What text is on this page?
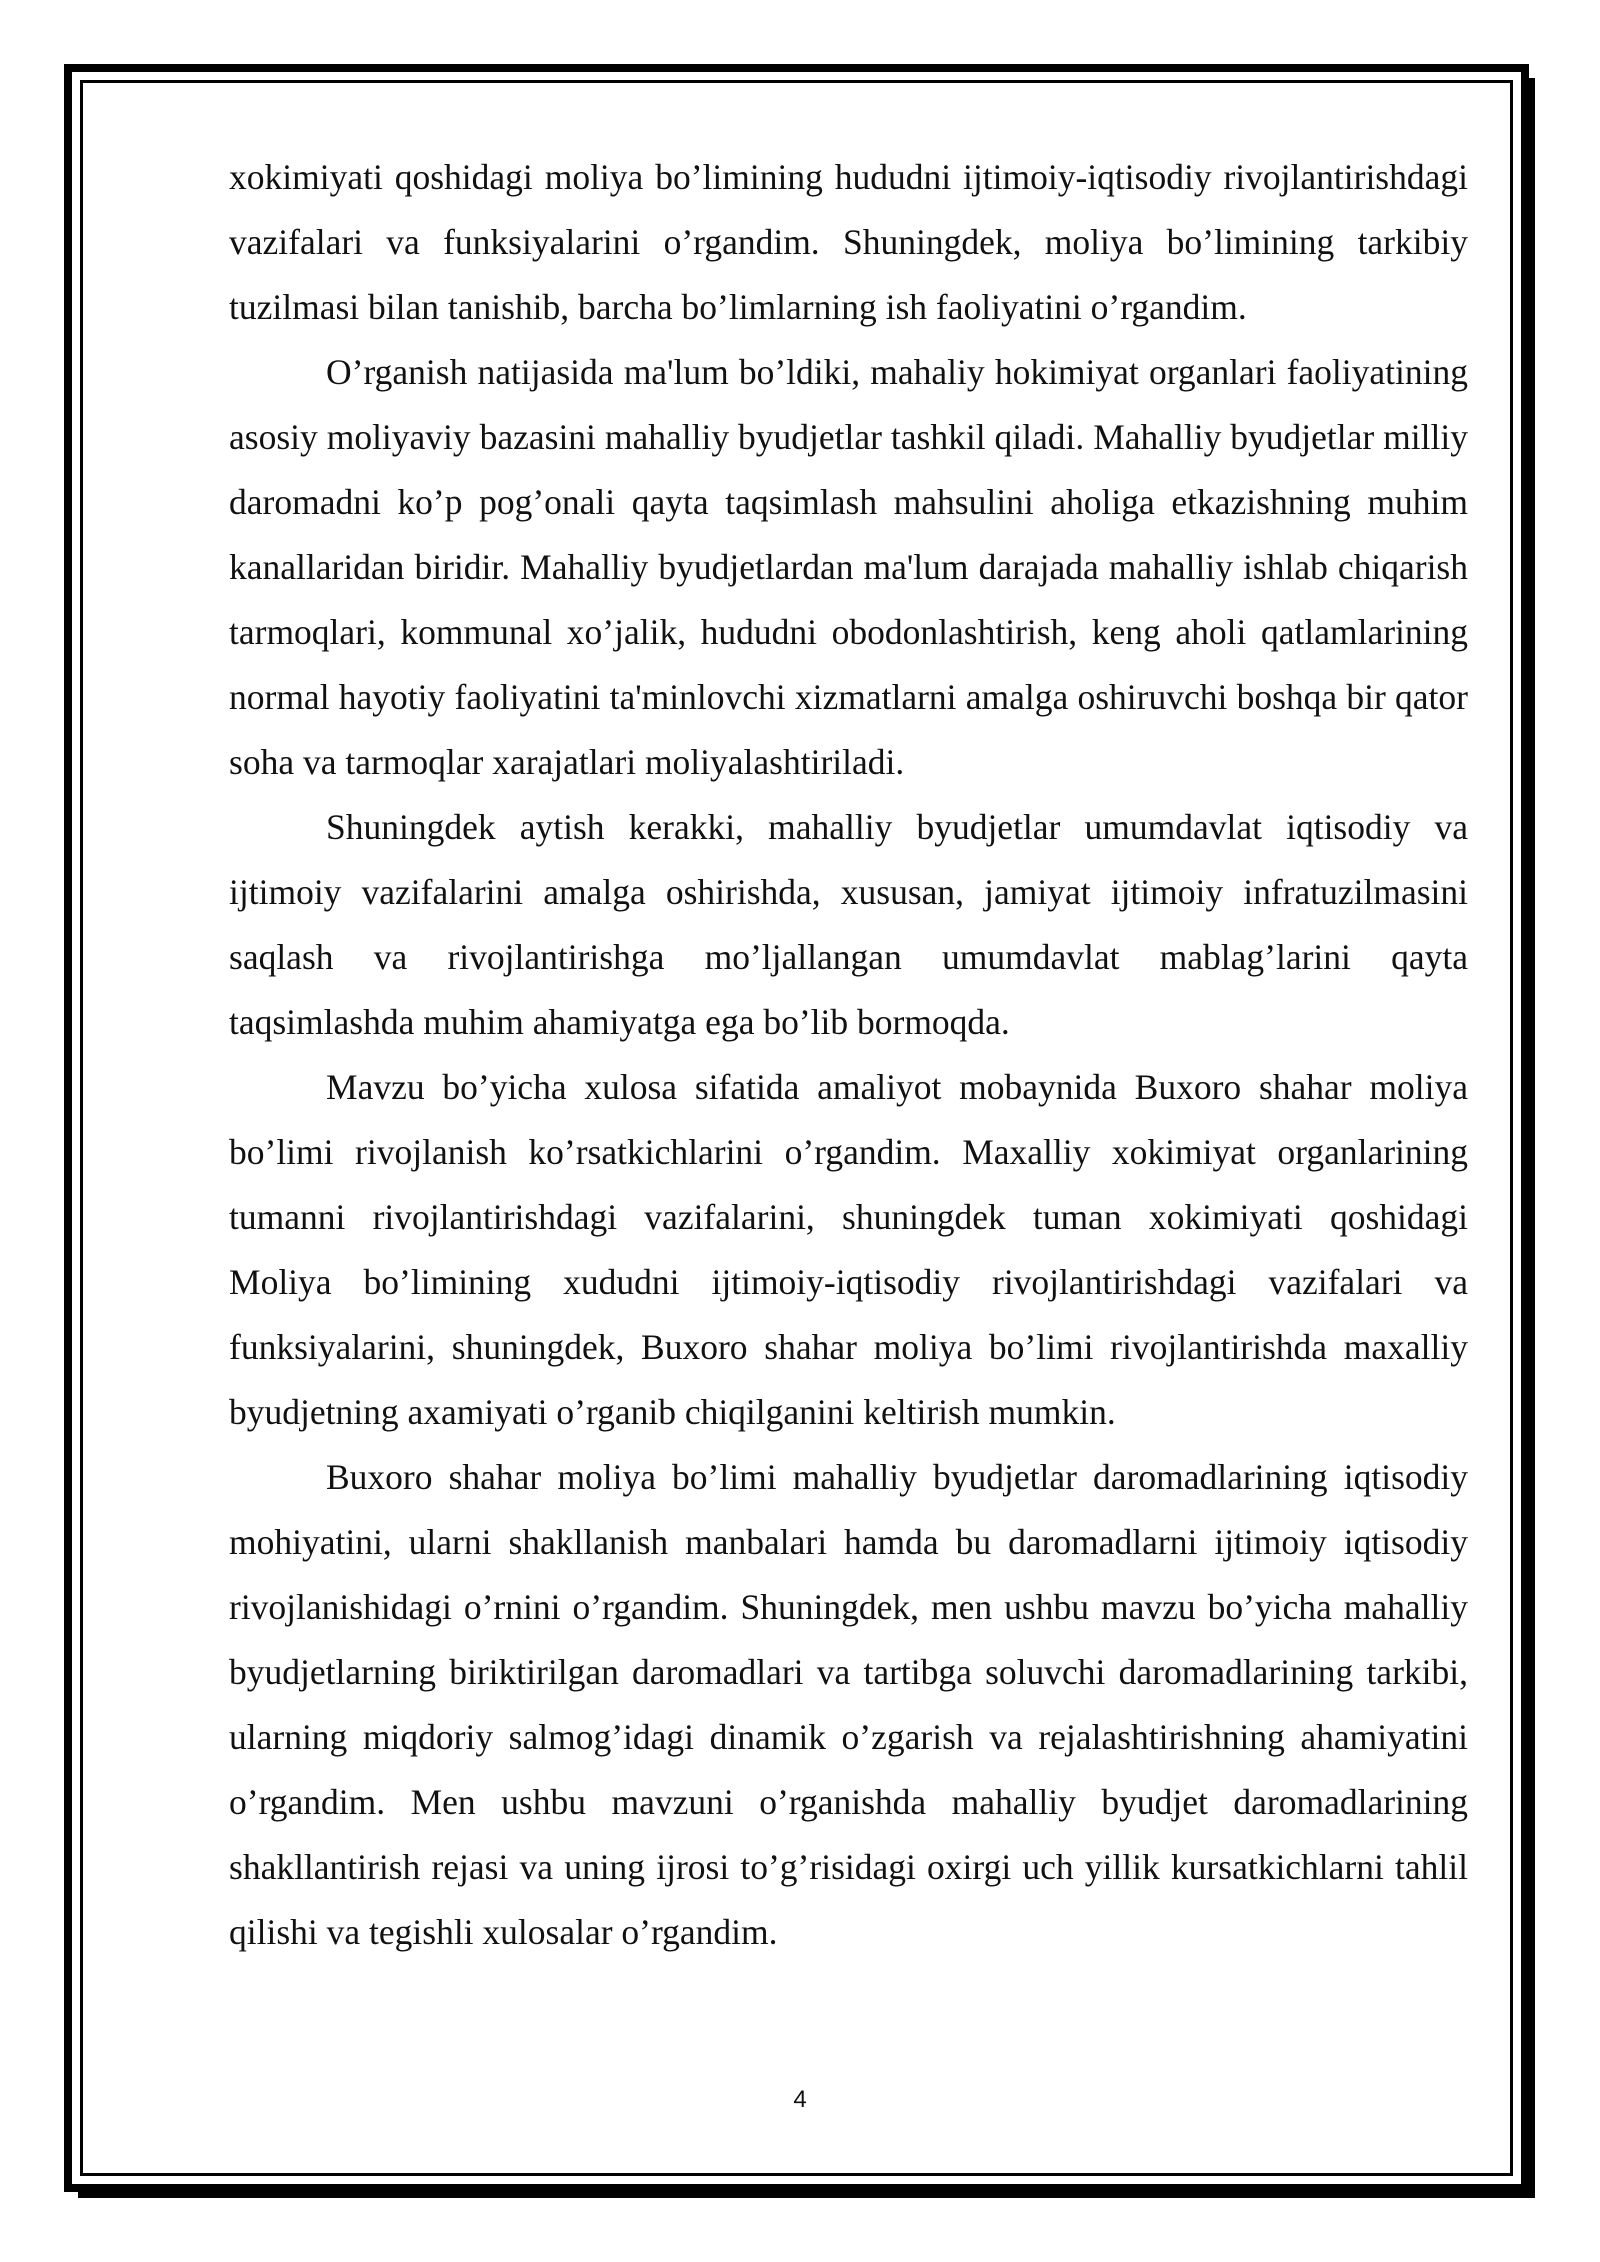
xokimiyati qoshidagi moliya bo’limining hududni ijtimoiy-iqtisodiy rivojlantirishdagi vazifalari va funksiyalarini o’rgandim. Shuningdek, moliya bo’limining tarkibiy tuzilmasi bilan tanishib, barcha bo’limlarning ish faoliyatini o’rgandim.

O’rganish natijasida ma'lum bo’ldiki, mahaliy hokimiyat organlari faoliyatining asosiy moliyaviy bazasini mahalliy byudjetlar tashkil qiladi. Mahalliy byudjetlar milliy daromadni ko’p pog’onali qayta taqsimlash mahsulini aholiga etkazishning muhim kanallaridan biridir. Mahalliy byudjetlardan ma'lum darajada mahalliy ishlab chiqarish tarmoqlari, kommunal xo’jalik, hududni obodonlashtirish, keng aholi qatlamlarining normal hayotiy faoliyatini ta'minlovchi xizmatlarni amalga oshiruvchi boshqa bir qator soha va tarmoqlar xarajatlari moliyalashtiriladi.

Shuningdek aytish kerakki, mahalliy byudjetlar umumdavlat iqtisodiy va ijtimoiy vazifalarini amalga oshirishda, xususan, jamiyat ijtimoiy infratuzilmasini saqlash va rivojlantirishga mo’ljallangan umumdavlat mablag’larini qayta taqsimlashda muhim ahamiyatga ega bo’lib bormoqda.

Mavzu bo’yicha xulosa sifatida amaliyot mobaynida Buxoro shahar moliya bo’limi rivojlanish ko’rsatkichlarini o’rgandim. Maxalliy xokimiyat organlarining tumanni rivojlantirishdagi vazifalarini, shuningdek tuman xokimiyati qoshidagi Moliya bo’limining xududni ijtimoiy-iqtisodiy rivojlantirishdagi vazifalari va funksiyalarini, shuningdek, Buxoro shahar moliya bo’limi rivojlantirishda maxalliy byudjetning axamiyati o’rganib chiqilganini keltirish mumkin.

Buxoro shahar moliya bo’limi mahalliy byudjetlar daromadlarining iqtisodiy mohiyatini, ularni shakllanish manbalari hamda bu daromadlarni ijtimoiy iqtisodiy rivojlanishidagi o’rnini o’rgandim. Shuningdek, men ushbu mavzu bo’yicha mahalliy byudjetlarning biriktirilgan daromadlari va tartibga soluvchi daromadlarining tarkibi, ularning miqdoriy salmog’idagi dinamik o’zgarish va rejalashtirishning ahamiyatini o’rgandim. Men ushbu mavzuni o’rganishda mahalliy byudjet daromadlarining shakllantirish rejasi va uning ijrosi to’g’risidagi oxirgi uch yillik kursatkichlarni tahlil qilishi va tegishli xulosalar o’rgandim.

4
